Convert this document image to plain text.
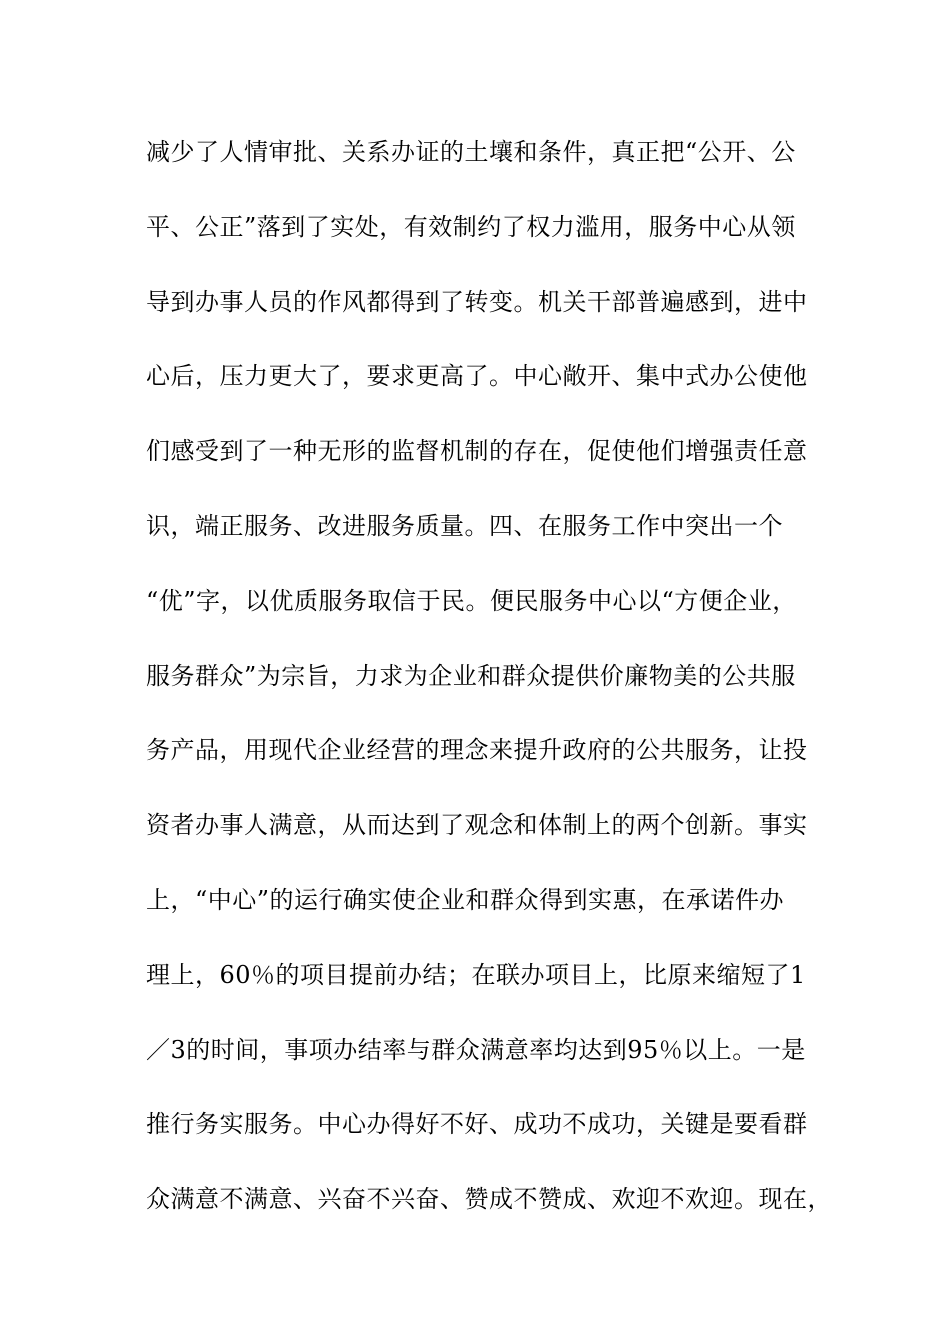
减少了人情审批、关系办证的土壤和条件，真正把“公开、公
平、公正”落到了实处，有效制约了权力滥用，服务中心从领
导到办事人员的作风都得到了转变。机关干部普遍感到，进中
心后，压力更大了，要求更高了。中心敞开、集中式办公使他
们感受到了一种无形的监督机制的存在，促使他们增强责任意
识，端正服务、改进服务质量。四、在服务工作中突出一个
“优”字，以优质服务取信于民。便民服务中心以“方便企业，
服务群众”为宗旨，力求为企业和群众提供价廉物美的公共服
务产品，用现代企业经营的理念来提升政府的公共服务，让投
资者办事人满意，从而达到了观念和体制上的两个创新。事实
上，“中心”的运行确实使企业和群众得到实惠，在承诺件办
理上，60％的项目提前办结；在联办项目上，比原来缩短了1
／3的时间，事项办结率与群众满意率均达到95％以上。一是
推行务实服务。中心办得好不好、成功不成功，关键是要看群
众满意不满意、兴奋不兴奋、赞成不赞成、欢迎不欢迎。现在，
